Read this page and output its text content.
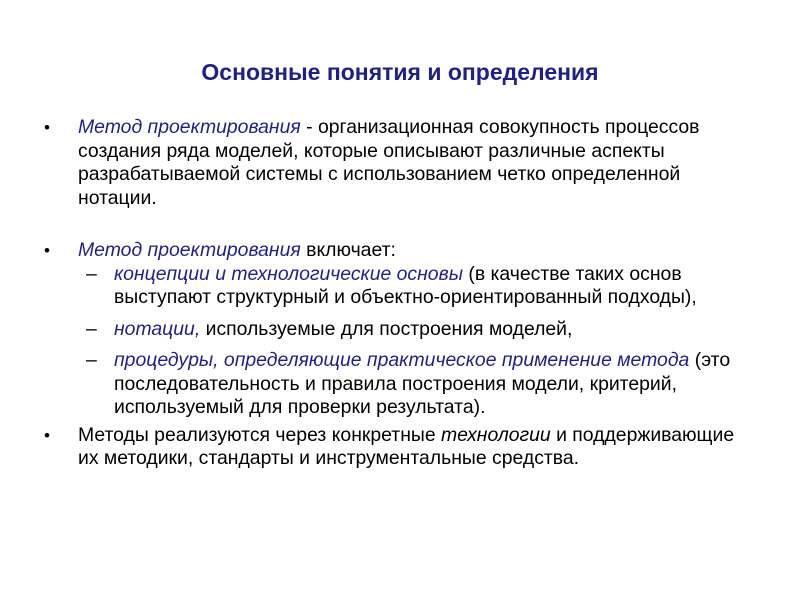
Основные понятия и определения
• Метод проектирования - организационная совокупность процессов создания ряда моделей, которые описывают различные аспекты разрабатываемой системы с использованием четко определенной нотации.
• Метод проектирования включает:
– концепции и технологические основы (в качестве таких основ выступают структурный и объектно-ориентированный подходы),
– нотации, используемые для построения моделей,
– процедуры, определяющие практическое применение метода (это последовательность и правила построения модели, критерий, используемый для проверки результата).
• Методы реализуются через конкретные технологии и поддерживающие их методики, стандарты и инструментальные средства.
